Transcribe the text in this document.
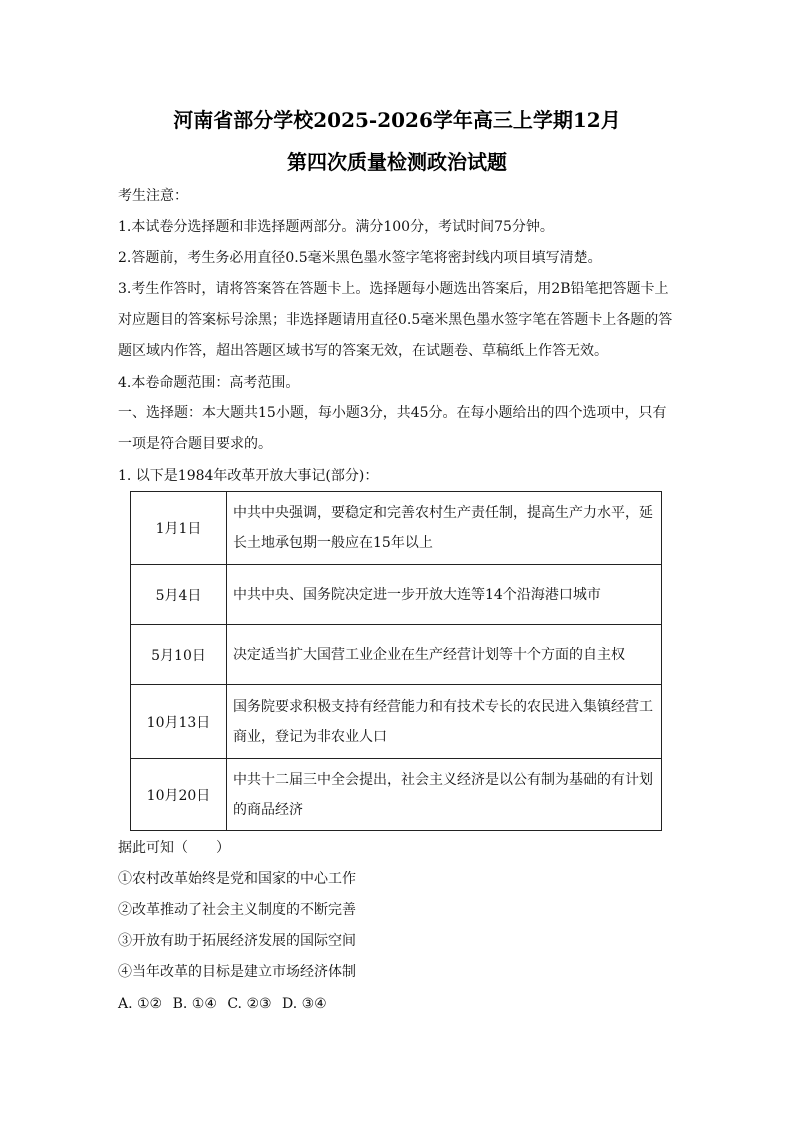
河南省部分学校2025-2026学年高三上学期12月
第四次质量检测政治试题
考生注意：
1.本试卷分选择题和非选择题两部分。满分100分，考试时间75分钟。
2.答题前，考生务必用直径0.5毫米黑色墨水签字笔将密封线内项目填写清楚。
3.考生作答时，请将答案答在答题卡上。选择题每小题选出答案后，用2B铅笔把答题卡上对应题目的答案标号涂黑；非选择题请用直径0.5毫米黑色墨水签字笔在答题卡上各题的答题区域内作答，超出答题区域书写的答案无效，在试题卷、草稿纸上作答无效。
4.本卷命题范围：高考范围。
一、选择题：本大题共15小题，每小题3分，共45分。在每小题给出的四个选项中，只有一项是符合题目要求的。
1. 以下是1984年改革开放大事记(部分)：
1月1日	中共中央强调，要稳定和完善农村生产责任制，提高生产力水平，延长土地承包期一般应在15年以上
5月4日	中共中央、国务院决定进一步开放大连等14个沿海港口城市
5月10日	决定适当扩大国营工业企业在生产经营计划等十个方面的自主权
10月13日	国务院要求积极支持有经营能力和有技术专长的农民进入集镇经营工商业，登记为非农业人口
10月20日	中共十二届三中全会提出，社会主义经济是以公有制为基础的有计划的商品经济
据此可知（　　）
①农村改革始终是党和国家的中心工作
②改革推动了社会主义制度的不断完善
③开放有助于拓展经济发展的国际空间
④当年改革的目标是建立市场经济体制
A. ①② B. ①④ C. ②③ D. ③④
